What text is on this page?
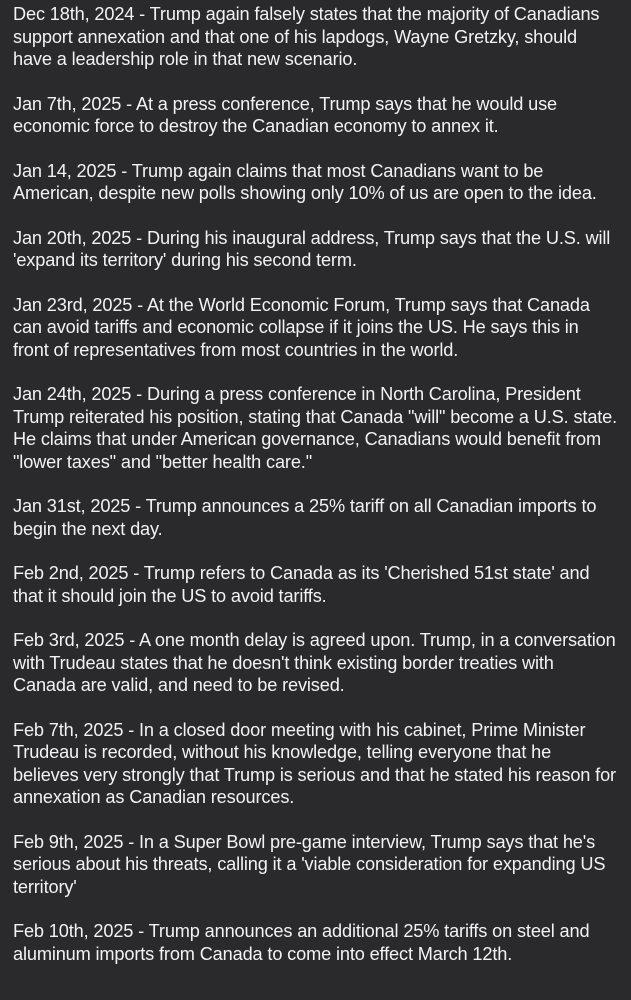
Dec 18th, 2024 - Trump again falsely states that the majority of Canadians support annexation and that one of his lapdogs, Wayne Gretzky, should have a leadership role in that new scenario.

Jan 7th, 2025 - At a press conference, Trump says that he would use economic force to destroy the Canadian economy to annex it.

Jan 14, 2025 - Trump again claims that most Canadians want to be American, despite new polls showing only 10% of us are open to the idea.

Jan 20th, 2025 - During his inaugural address, Trump says that the U.S. will 'expand its territory' during his second term.

Jan 23rd, 2025 - At the World Economic Forum, Trump says that Canada can avoid tariffs and economic collapse if it joins the US. He says this in front of representatives from most countries in the world.

Jan 24th, 2025 - During a press conference in North Carolina, President Trump reiterated his position, stating that Canada "will" become a U.S. state. He claims that under American governance, Canadians would benefit from "lower taxes" and "better health care."

Jan 31st, 2025 - Trump announces a 25% tariff on all Canadian imports to begin the next day.

Feb 2nd, 2025 - Trump refers to Canada as its 'Cherished 51st state' and that it should join the US to avoid tariffs.

Feb 3rd, 2025 - A one month delay is agreed upon. Trump, in a conversation with Trudeau states that he doesn't think existing border treaties with Canada are valid, and need to be revised.

Feb 7th, 2025 - In a closed door meeting with his cabinet, Prime Minister Trudeau is recorded, without his knowledge, telling everyone that he believes very strongly that Trump is serious and that he stated his reason for annexation as Canadian resources.

Feb 9th, 2025 - In a Super Bowl pre-game interview, Trump says that he's serious about his threats, calling it a 'viable consideration for expanding US territory'

Feb 10th, 2025 - Trump announces an additional 25% tariffs on steel and aluminum imports from Canada to come into effect March 12th.
